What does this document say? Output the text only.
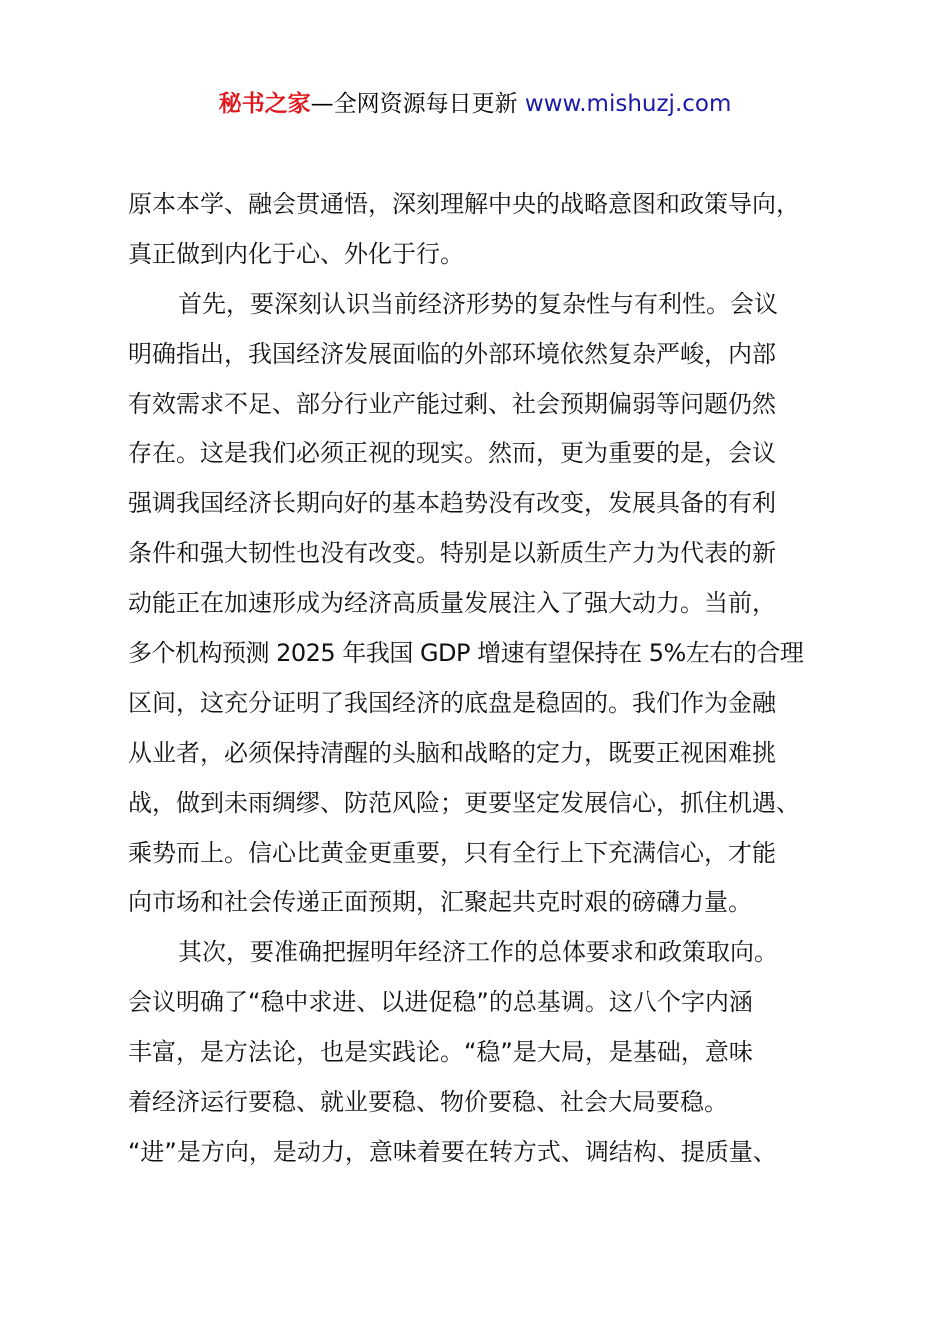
秘书之家—全网资源每日更新 www.mishuzj.com
原本本学、融会贯通悟，深刻理解中央的战略意图和政策导向，
真正做到内化于心、外化于行。
首先，要深刻认识当前经济形势的复杂性与有利性。会议
明确指出，我国经济发展面临的外部环境依然复杂严峻，内部
有效需求不足、部分行业产能过剩、社会预期偏弱等问题仍然
存在。这是我们必须正视的现实。然而，更为重要的是，会议
强调我国经济长期向好的基本趋势没有改变，发展具备的有利
条件和强大韧性也没有改变。特别是以新质生产力为代表的新
动能正在加速形成为经济高质量发展注入了强大动力。当前，
多个机构预测 2025 年我国 GDP 增速有望保持在 5%左右的合理
区间，这充分证明了我国经济的底盘是稳固的。我们作为金融
从业者，必须保持清醒的头脑和战略的定力，既要正视困难挑
战，做到未雨绸缪、防范风险；更要坚定发展信心，抓住机遇、
乘势而上。信心比黄金更重要，只有全行上下充满信心，才能
向市场和社会传递正面预期，汇聚起共克时艰的磅礴力量。
其次，要准确把握明年经济工作的总体要求和政策取向。
会议明确了“稳中求进、以进促稳”的总基调。这八个字内涵
丰富，是方法论，也是实践论。“稳”是大局，是基础，意味
着经济运行要稳、就业要稳、物价要稳、社会大局要稳。
“进”是方向，是动力，意味着要在转方式、调结构、提质量、
